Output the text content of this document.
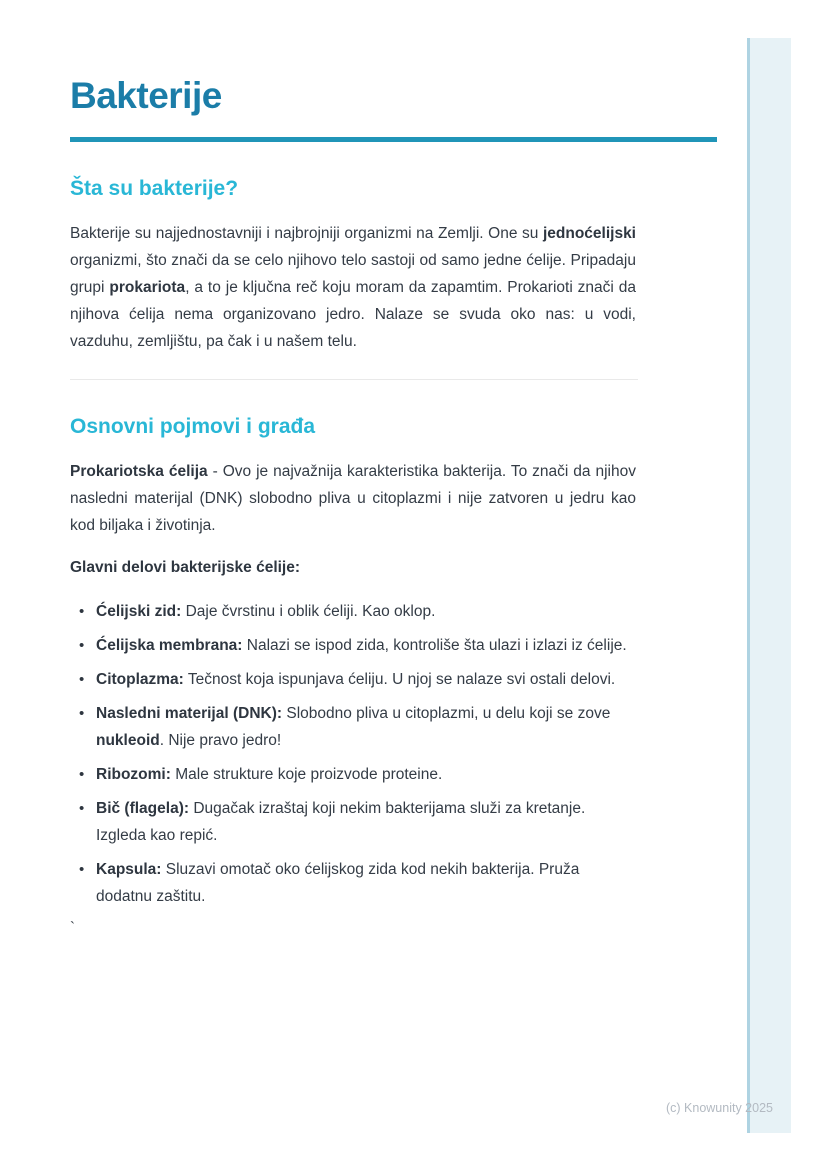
Bakterije
Šta su bakterije?

Bakterije su najjednostavniji i najbrojniji organizmi na Zemlji. One su jednoćelijski organizmi, što znači da se celo njihovo telo sastoji od samo jedne ćelije. Pripadaju grupi prokariota, a to je ključna reč koju moram da zapamtim. Prokarioti znači da njihova ćelija nema organizovano jedro. Nalaze se svuda oko nas: u vodi, vazduhu, zemljištu, pa čak i u našem telu.

Osnovni pojmovi i građa

Prokariotska ćelija - Ovo je najvažnija karakteristika bakterija. To znači da njihov nasledni materijal (DNK) slobodno pliva u citoplazmi i nije zatvoren u jedru kao kod biljaka i životinja.

Glavni delovi bakterijske ćelije:

• Ćelijski zid: Daje čvrstinu i oblik ćeliji. Kao oklop.
• Ćelijska membrana: Nalazi se ispod zida, kontroliše šta ulazi i izlazi iz ćelije.
• Citoplazma: Tečnost koja ispunjava ćeliju. U njoj se nalaze svi ostali delovi.
• Nasledni materijal (DNK): Slobodno pliva u citoplazmi, u delu koji se zove nukleoid. Nije pravo jedro!
• Ribozomi: Male strukture koje proizvode proteine.
• Bič (flagela): Dugačak izraštaj koji nekim bakterijama služi za kretanje. Izgleda kao repić.
• Kapsula: Sluzavi omotač oko ćelijskog zida kod nekih bakterija. Pruža dodatnu zaštitu.

`

(c) Knowunity 2025
